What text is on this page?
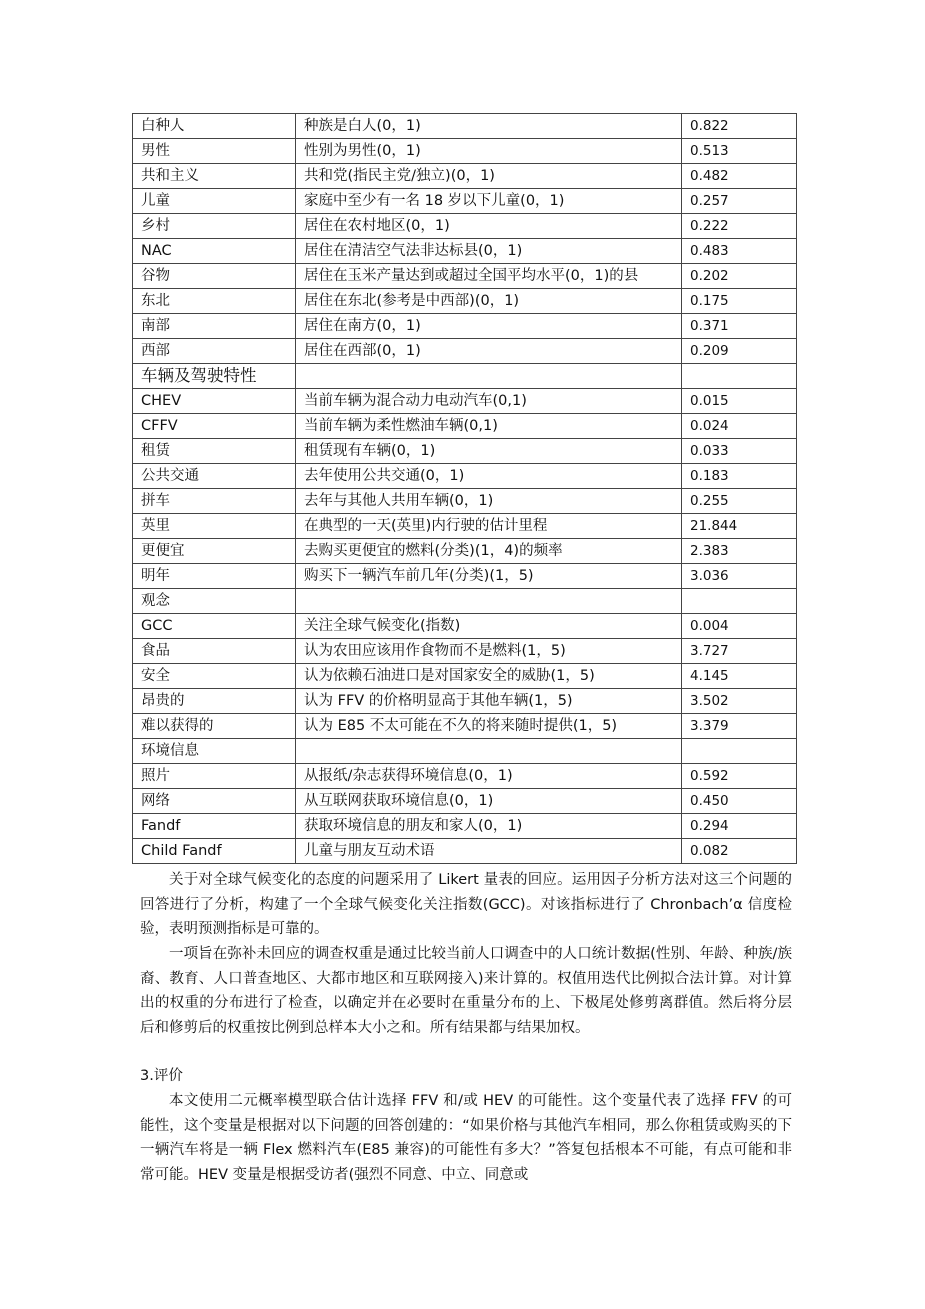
白种人	种族是白人(0，1)	0.822
男性	性别为男性(0，1)	0.513
共和主义	共和党(指民主党/独立)(0，1)	0.482
儿童	家庭中至少有一名 18 岁以下儿童(0，1)	0.257
乡村	居住在农村地区(0，1)	0.222
NAC	居住在清洁空气法非达标县(0，1)	0.483
谷物	居住在玉米产量达到或超过全国平均水平(0，1)的县	0.202
东北	居住在东北(参考是中西部)(0，1)	0.175
南部	居住在南方(0，1)	0.371
西部	居住在西部(0，1)	0.209
车辆及驾驶特性		
CHEV	当前车辆为混合动力电动汽车(0,1)	0.015
CFFV	当前车辆为柔性燃油车辆(0,1)	0.024
租赁	租赁现有车辆(0，1)	0.033
公共交通	去年使用公共交通(0，1)	0.183
拼车	去年与其他人共用车辆(0，1)	0.255
英里	在典型的一天(英里)内行驶的估计里程	21.844
更便宜	去购买更便宜的燃料(分类)(1，4)的频率	2.383
明年	购买下一辆汽车前几年(分类)(1，5)	3.036
观念		
GCC	关注全球气候变化(指数)	0.004
食品	认为农田应该用作食物而不是燃料(1，5)	3.727
安全	认为依赖石油进口是对国家安全的威胁(1，5)	4.145
昂贵的	认为 FFV 的价格明显高于其他车辆(1，5)	3.502
难以获得的	认为 E85 不太可能在不久的将来随时提供(1，5)	3.379
环境信息		
照片	从报纸/杂志获得环境信息(0，1)	0.592
网络	从互联网获取环境信息(0，1)	0.450
Fandf	获取环境信息的朋友和家人(0，1)	0.294
Child Fandf	儿童与朋友互动术语	0.082

关于对全球气候变化的态度的问题采用了 Likert 量表的回应。运用因子分析方法对这三个问题的回答进行了分析，构建了一个全球气候变化关注指数(GCC)。对该指标进行了 Chronbach’α 信度检验，表明预测指标是可靠的。

一项旨在弥补未回应的调查权重是通过比较当前人口调查中的人口统计数据(性别、年龄、种族/族裔、教育、人口普查地区、大都市地区和互联网接入)来计算的。权值用迭代比例拟合法计算。对计算出的权重的分布进行了检查，以确定并在必要时在重量分布的上、下极尾处修剪离群值。然后将分层后和修剪后的权重按比例到总样本大小之和。所有结果都与结果加权。

3.评价

本文使用二元概率模型联合估计选择 FFV 和/或 HEV 的可能性。这个变量代表了选择 FFV 的可能性，这个变量是根据对以下问题的回答创建的：“如果价格与其他汽车相同，那么你租赁或购买的下一辆汽车将是一辆 Flex 燃料汽车(E85 兼容)的可能性有多大？”答复包括根本不可能，有点可能和非常可能。HEV 变量是根据受访者(强烈不同意、中立、同意或
